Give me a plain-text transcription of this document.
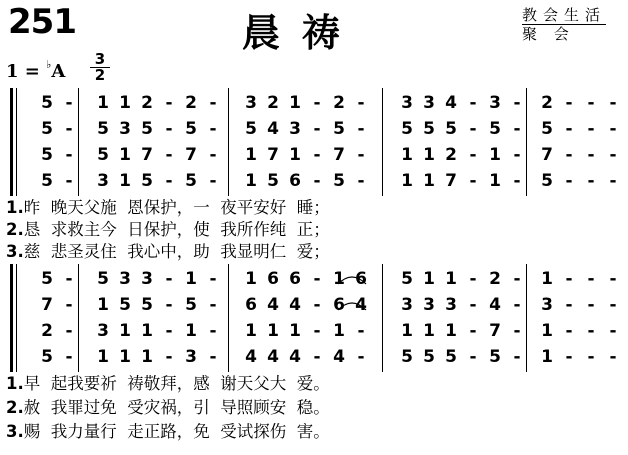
251	晨祷	教会生活
聚 会
1 = ♭A
3
2
5 - 1 1 2 - 2 - 3 2 1 - 2 - 3 3 4 - 3 - 2 - - -
5 - 5 3 5 - 5 - 5 4 3 - 5 - 5 5 5 - 5 - 5 - - -
5 - 5 1 7 - 7 - 1 7 1 - 7 - 1 1 2 - 1 - 7 - - -
5 - 3 1 5 - 5 - 1 5 6 - 5 - 1 1 7 - 1 - 5 - - -
5 - 5 3 3 - 1 - 1 6 6 - 1 6 5 1 1 - 2 - 1 - - -
7 - 1 5 5 - 5 - 6 4 4 - 6 4 3 3 3 - 4 - 3 - - -
2 - 3 1 1 - 1 - 1 1 1 - 1 - 1 1 1 - 7 - 1 - - -
5 - 1 1 1 - 3 - 4 4 4 - 4 - 5 5 5 - 5 - 1 - - -
1.昨  晚天父施  恩保护，一  夜平安好  睡；
2.恳  求救主今  日保护，使  我所作纯  正；
3.慈  悲圣灵住  我心中，助  我显明仁  爱；
1.早  起我要祈  祷敬拜，感  谢天父大  爱。
2.赦  我罪过免  受灾祸，引  导照顾安  稳。
3.赐  我力量行  走正路，免  受试探伤  害。
